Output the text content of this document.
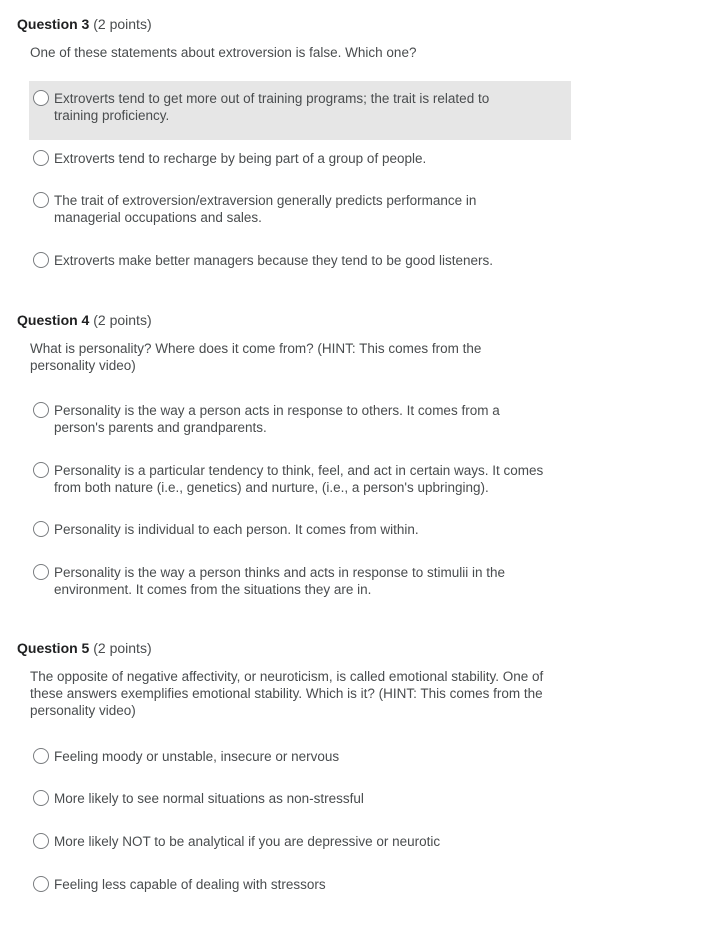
Question 3 (2 points)
One of these statements about extroversion is false. Which one?
Extroverts tend to get more out of training programs; the trait is related to training proficiency.
Extroverts tend to recharge by being part of a group of people.
The trait of extroversion/extraversion generally predicts performance in managerial occupations and sales.
Extroverts make better managers because they tend to be good listeners.
Question 4 (2 points)
What is personality? Where does it come from? (HINT: This comes from the personality video)
Personality is the way a person acts in response to others. It comes from a person's parents and grandparents.
Personality is a particular tendency to think, feel, and act in certain ways. It comes from both nature (i.e., genetics) and nurture, (i.e., a person's upbringing).
Personality is individual to each person. It comes from within.
Personality is the way a person thinks and acts in response to stimulii in the environment. It comes from the situations they are in.
Question 5 (2 points)
The opposite of negative affectivity, or neuroticism, is called emotional stability. One of these answers exemplifies emotional stability. Which is it? (HINT: This comes from the personality video)
Feeling moody or unstable, insecure or nervous
More likely to see normal situations as non-stressful
More likely NOT to be analytical if you are depressive or neurotic
Feeling less capable of dealing with stressors
